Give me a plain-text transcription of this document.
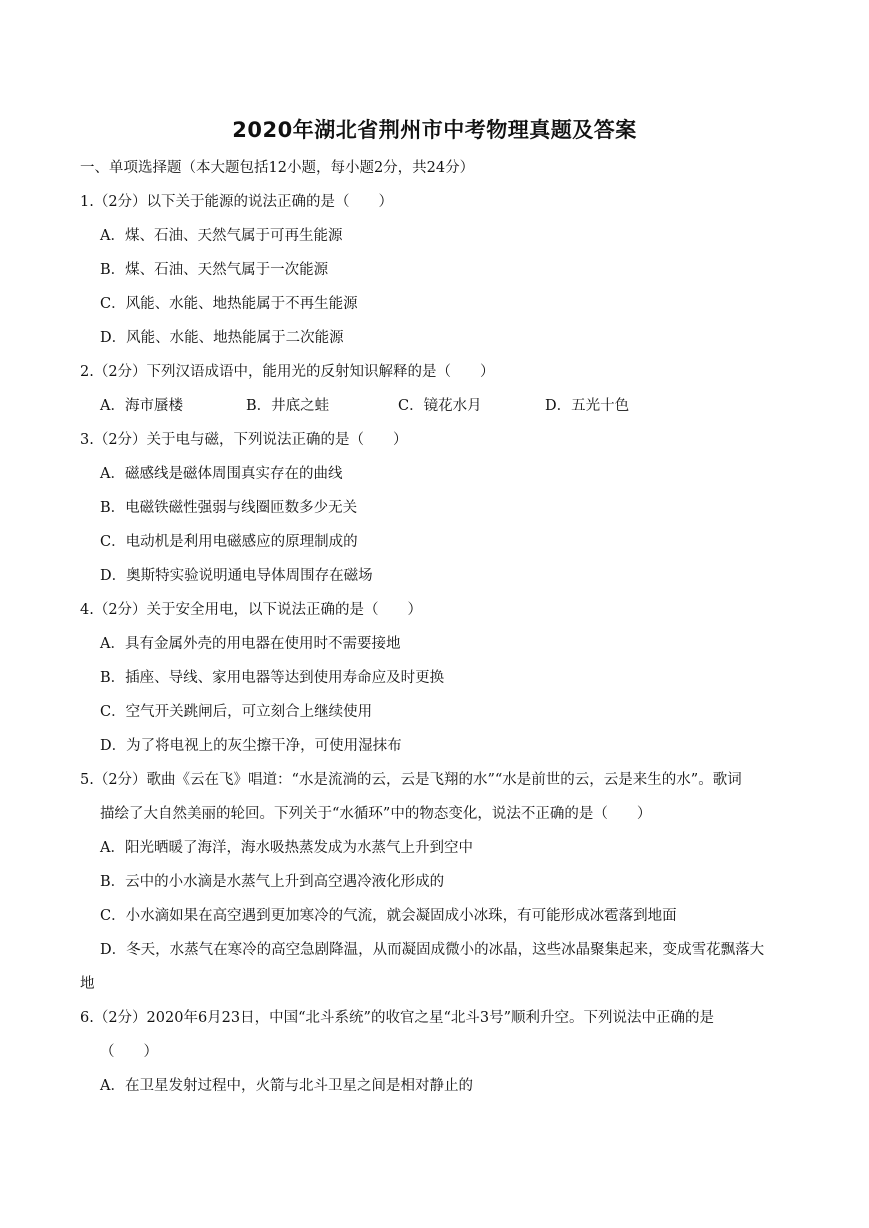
2020年湖北省荆州市中考物理真题及答案
一、单项选择题（本大题包括12小题，每小题2分，共24分）
1.（2分）以下关于能源的说法正确的是（　　）
A．煤、石油、天然气属于可再生能源
B．煤、石油、天然气属于一次能源
C．风能、水能、地热能属于不再生能源
D．风能、水能、地热能属于二次能源
2.（2分）下列汉语成语中，能用光的反射知识解释的是（　　）
A．海市蜃楼	B．井底之蛙	C．镜花水月	D．五光十色
3.（2分）关于电与磁，下列说法正确的是（　　）
A．磁感线是磁体周围真实存在的曲线
B．电磁铁磁性强弱与线圈匝数多少无关
C．电动机是利用电磁感应的原理制成的
D．奥斯特实验说明通电导体周围存在磁场
4.（2分）关于安全用电，以下说法正确的是（　　）
A．具有金属外壳的用电器在使用时不需要接地
B．插座、导线、家用电器等达到使用寿命应及时更换
C．空气开关跳闸后，可立刻合上继续使用
D．为了将电视上的灰尘擦干净，可使用湿抹布
5.（2分）歌曲《云在飞》唱道：“水是流淌的云，云是飞翔的水”“水是前世的云，云是来生的水”。歌词
描绘了大自然美丽的轮回。下列关于“水循环”中的物态变化，说法不正确的是（　　）
A．阳光晒暖了海洋，海水吸热蒸发成为水蒸气上升到空中
B．云中的小水滴是水蒸气上升到高空遇冷液化形成的
C．小水滴如果在高空遇到更加寒冷的气流，就会凝固成小冰珠，有可能形成冰雹落到地面
D．冬天，水蒸气在寒冷的高空急剧降温，从而凝固成微小的冰晶，这些冰晶聚集起来，变成雪花飘落大
地
6.（2分）2020年6月23日，中国“北斗系统”的收官之星“北斗3号”顺利升空。下列说法中正确的是
（　　）
A．在卫星发射过程中，火箭与北斗卫星之间是相对静止的
